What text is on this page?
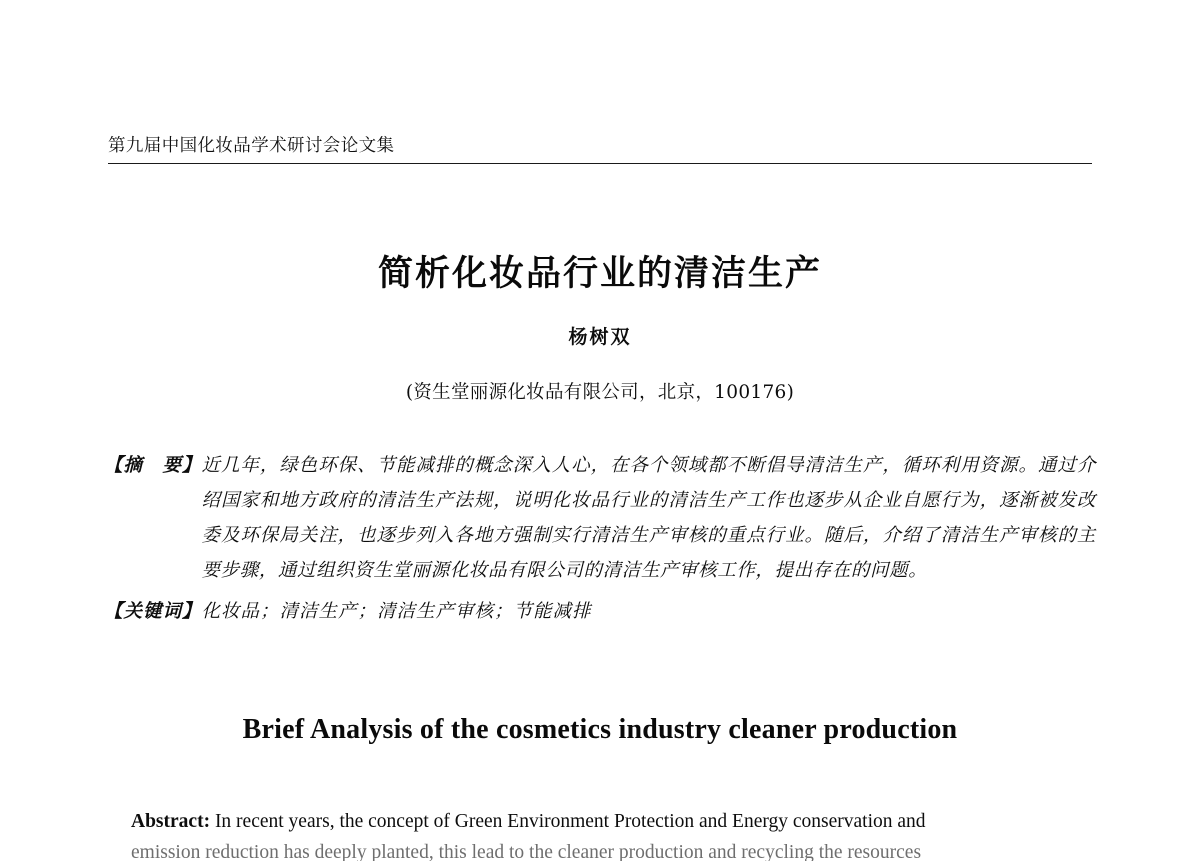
第九届中国化妆品学术研讨会论文集
简析化妆品行业的清洁生产
杨树双
(资生堂丽源化妆品有限公司，北京，100176)
【摘　要】 近几年，绿色环保、节能减排的概念深入人心，在各个领域都不断倡导清洁生产，循环利用资源。通过介绍国家和地方政府的清洁生产法规，说明化妆品行业的清洁生产工作也逐步从企业自愿行为，逐渐被发改委及环保局关注，也逐步列入各地方强制实行清洁生产审核的重点行业。随后，介绍了清洁生产审核的主要步骤，通过组织资生堂丽源化妆品有限公司的清洁生产审核工作，提出存在的问题。
【关键词】 化妆品；清洁生产；清洁生产审核；节能减排
Brief Analysis of the cosmetics industry cleaner production
Abstract: In recent years, the concept of Green Environment Protection and Energy conservation and
emission reduction has deeply planted, this lead to the cleaner production and recycling the resources
